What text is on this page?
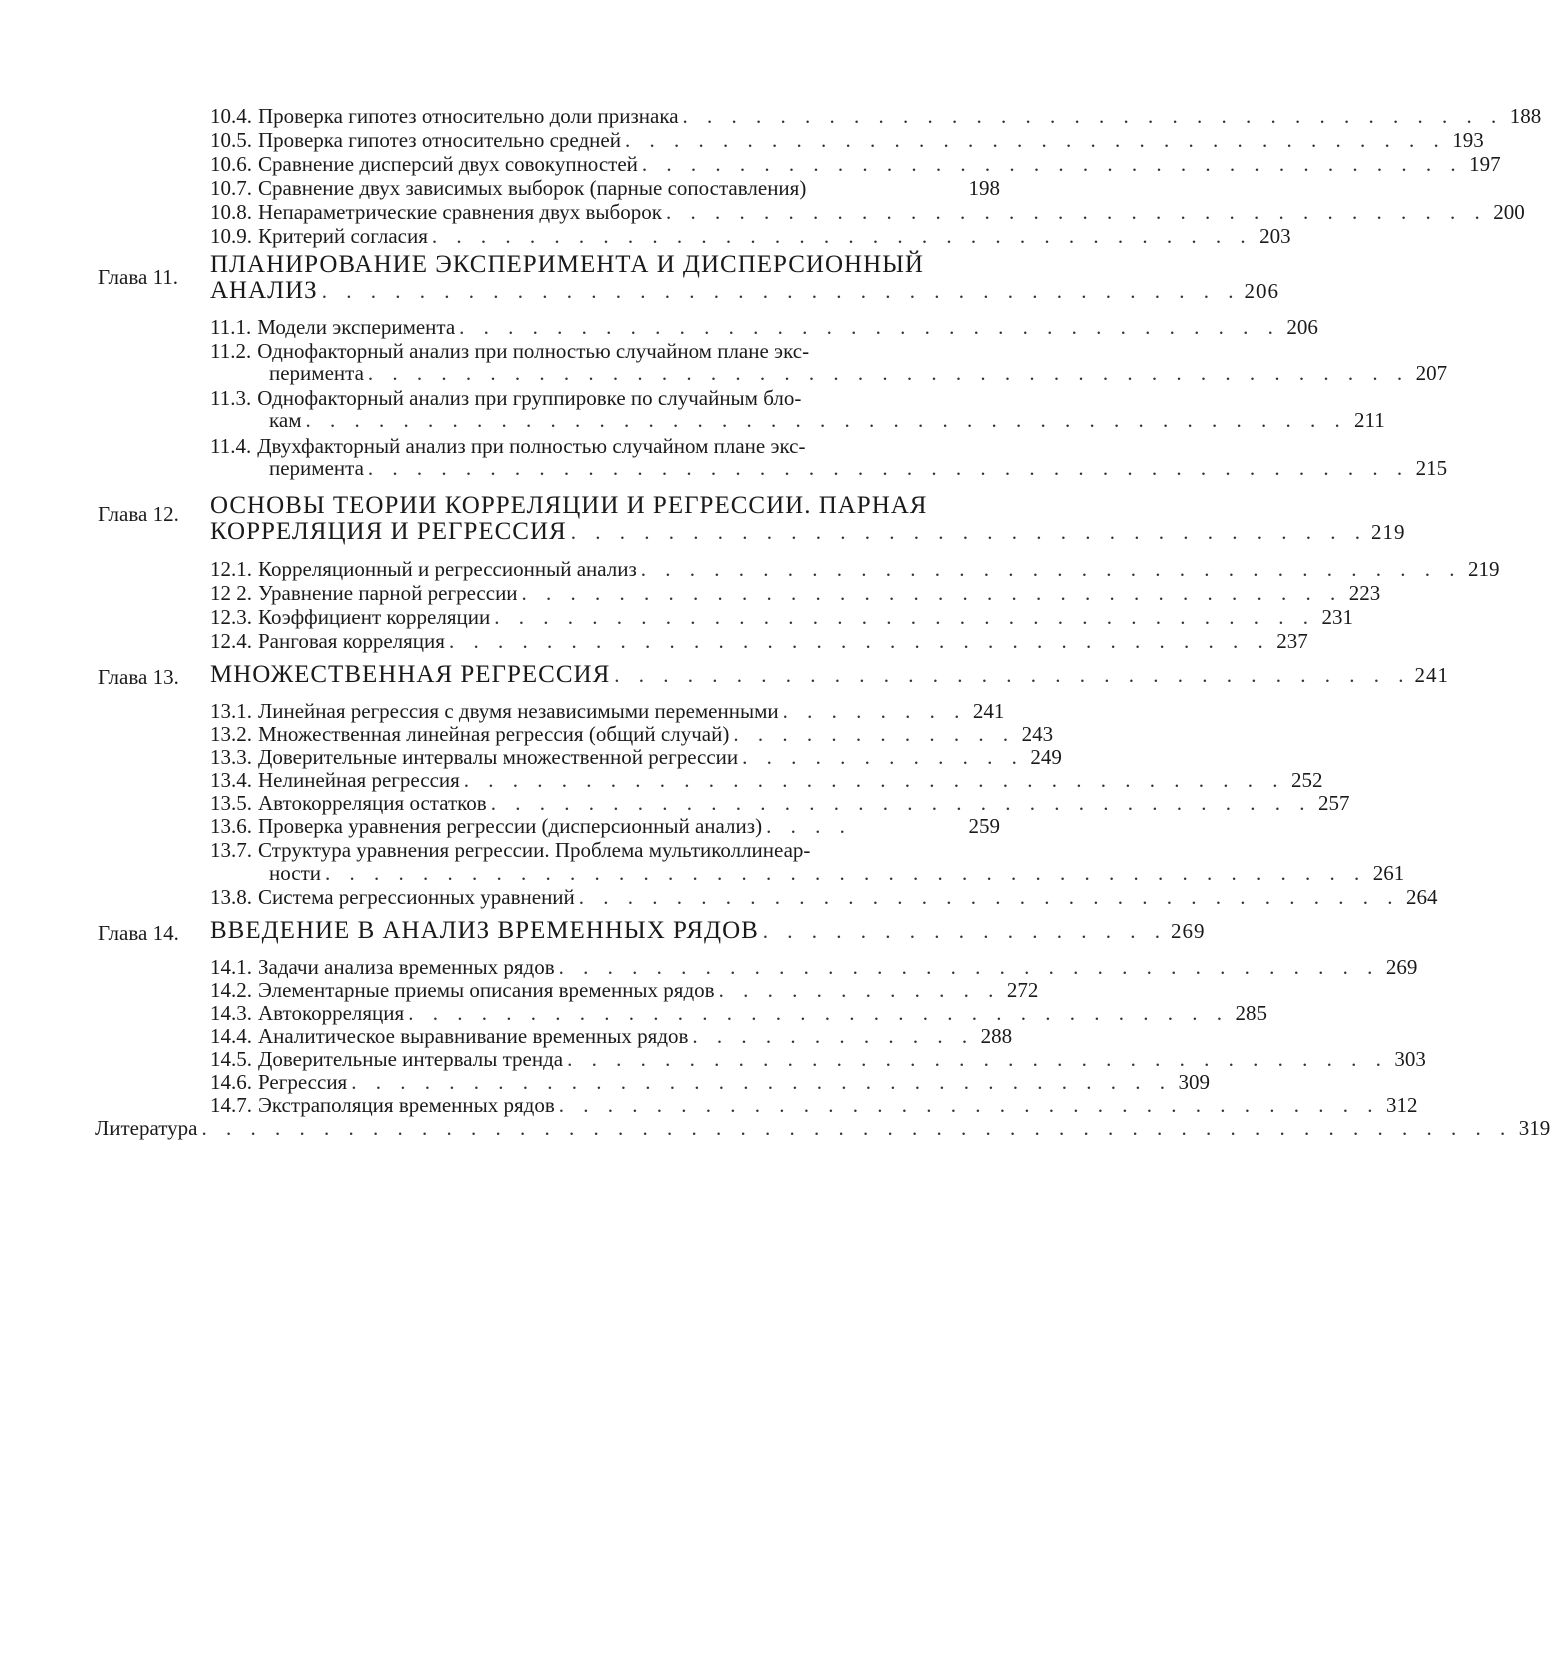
10.4. Проверка гипотез относительно доли признака . . . . . . . . . . . . . . . . . . . . . . . . . . . . . . . . . . 188
10.5. Проверка гипотез относительно средней . . . . . . . . . . . . . . . . . . . . . . . . . . . . . . . . . . 193
10.6. Сравнение дисперсий двух совокупностей . . . . . . . . . . . . . . . . . . . . . . . . . . . . . . . . . . 197
10.7. Сравнение двух зависимых выборок (парные сопоставления)	198
10.8. Непараметрические сравнения двух выборок . . . . . . . . . . . . . . . . . . . . . . . . . . . . . . . . . . 200
10.9. Критерий согласия . . . . . . . . . . . . . . . . . . . . . . . . . . . . . . . . . . 203
Глава 11. ПЛАНИРОВАНИЕ ЭКСПЕРИМЕНТА И ДИСПЕРСИОННЫЙ
АНАЛИЗ . . . . . . . . . . . . . . . . . . . . . . . . . . . . . . . . . . . . . . 206
11.1. Модели эксперимента . . . . . . . . . . . . . . . . . . . . . . . . . . . . . . . . . . 206
11.2. Однофакторный анализ при полностью случайном плане экс-
перимента . . . . . . . . . . . . . . . . . . . . . . . . . . . . . . . . . . . . . . . . . . . 207
11.3. Однофакторный анализ при группировке по случайным бло-
кам . . . . . . . . . . . . . . . . . . . . . . . . . . . . . . . . . . . . . . . . . . . 211
11.4. Двухфакторный анализ при полностью случайном плане экс-
перимента . . . . . . . . . . . . . . . . . . . . . . . . . . . . . . . . . . . . . . . . . . . 215
Глава 12. ОСНОВЫ ТЕОРИИ КОРРЕЛЯЦИИ И РЕГРЕССИИ. ПАРНАЯ
КОРРЕЛЯЦИЯ И РЕГРЕССИЯ . . . . . . . . . . . . . . . . . . . . . . . . . . . . . . . . . 219
12.1. Корреляционный и регрессионный анализ . . . . . . . . . . . . . . . . . . . . . . . . . . . . . . . . . . 219
12 2. Уравнение парной регрессии . . . . . . . . . . . . . . . . . . . . . . . . . . . . . . . . . . 223
12.3. Коэффициент корреляции . . . . . . . . . . . . . . . . . . . . . . . . . . . . . . . . . . 231
12.4. Ранговая корреляция . . . . . . . . . . . . . . . . . . . . . . . . . . . . . . . . . . 237
Глава 13. МНОЖЕСТВЕННАЯ РЕГРЕССИЯ . . . . . . . . . . . . . . . . . . . . . . . . . . . . . . . . . 241
13.1. Линейная регрессия с двумя независимыми переменными . . . . . . . . 241
13.2. Множественная линейная регрессия (общий случай) . . . . . . . . . . . . 243
13.3. Доверительные интервалы множественной регрессии . . . . . . . . . . . . 249
13.4. Нелинейная регрессия . . . . . . . . . . . . . . . . . . . . . . . . . . . . . . . . . . 252
13.5. Автокорреляция остатков . . . . . . . . . . . . . . . . . . . . . . . . . . . . . . . . . . 257
13.6. Проверка уравнения регрессии (дисперсионный анализ) . . . .	259
13.7. Структура уравнения регрессии. Проблема мультиколлинеар-
ности . . . . . . . . . . . . . . . . . . . . . . . . . . . . . . . . . . . . . . . . . . . 261
13.8. Система регрессионных уравнений . . . . . . . . . . . . . . . . . . . . . . . . . . . . . . . . . . 264
Глава 14. ВВЕДЕНИЕ В АНАЛИЗ ВРЕМЕННЫХ РЯДОВ . . . . . . . . . . . . . . . . . 269
14.1. Задачи анализа временных рядов . . . . . . . . . . . . . . . . . . . . . . . . . . . . . . . . . . 269
14.2. Элементарные приемы описания временных рядов . . . . . . . . . . . . 272
14.3. Автокорреляция . . . . . . . . . . . . . . . . . . . . . . . . . . . . . . . . . . 285
14.4. Аналитическое выравнивание временных рядов . . . . . . . . . . . . 288
14.5. Доверительные интервалы тренда . . . . . . . . . . . . . . . . . . . . . . . . . . . . . . . . . . 303
14.6. Регрессия . . . . . . . . . . . . . . . . . . . . . . . . . . . . . . . . . . 309
14.7. Экстраполяция временных рядов . . . . . . . . . . . . . . . . . . . . . . . . . . . . . . . . . . 312
Литература . . . . . . . . . . . . . . . . . . . . . . . . . . . . . . . . . . . . . . . . . . . . . . . . . . . . . . 319
